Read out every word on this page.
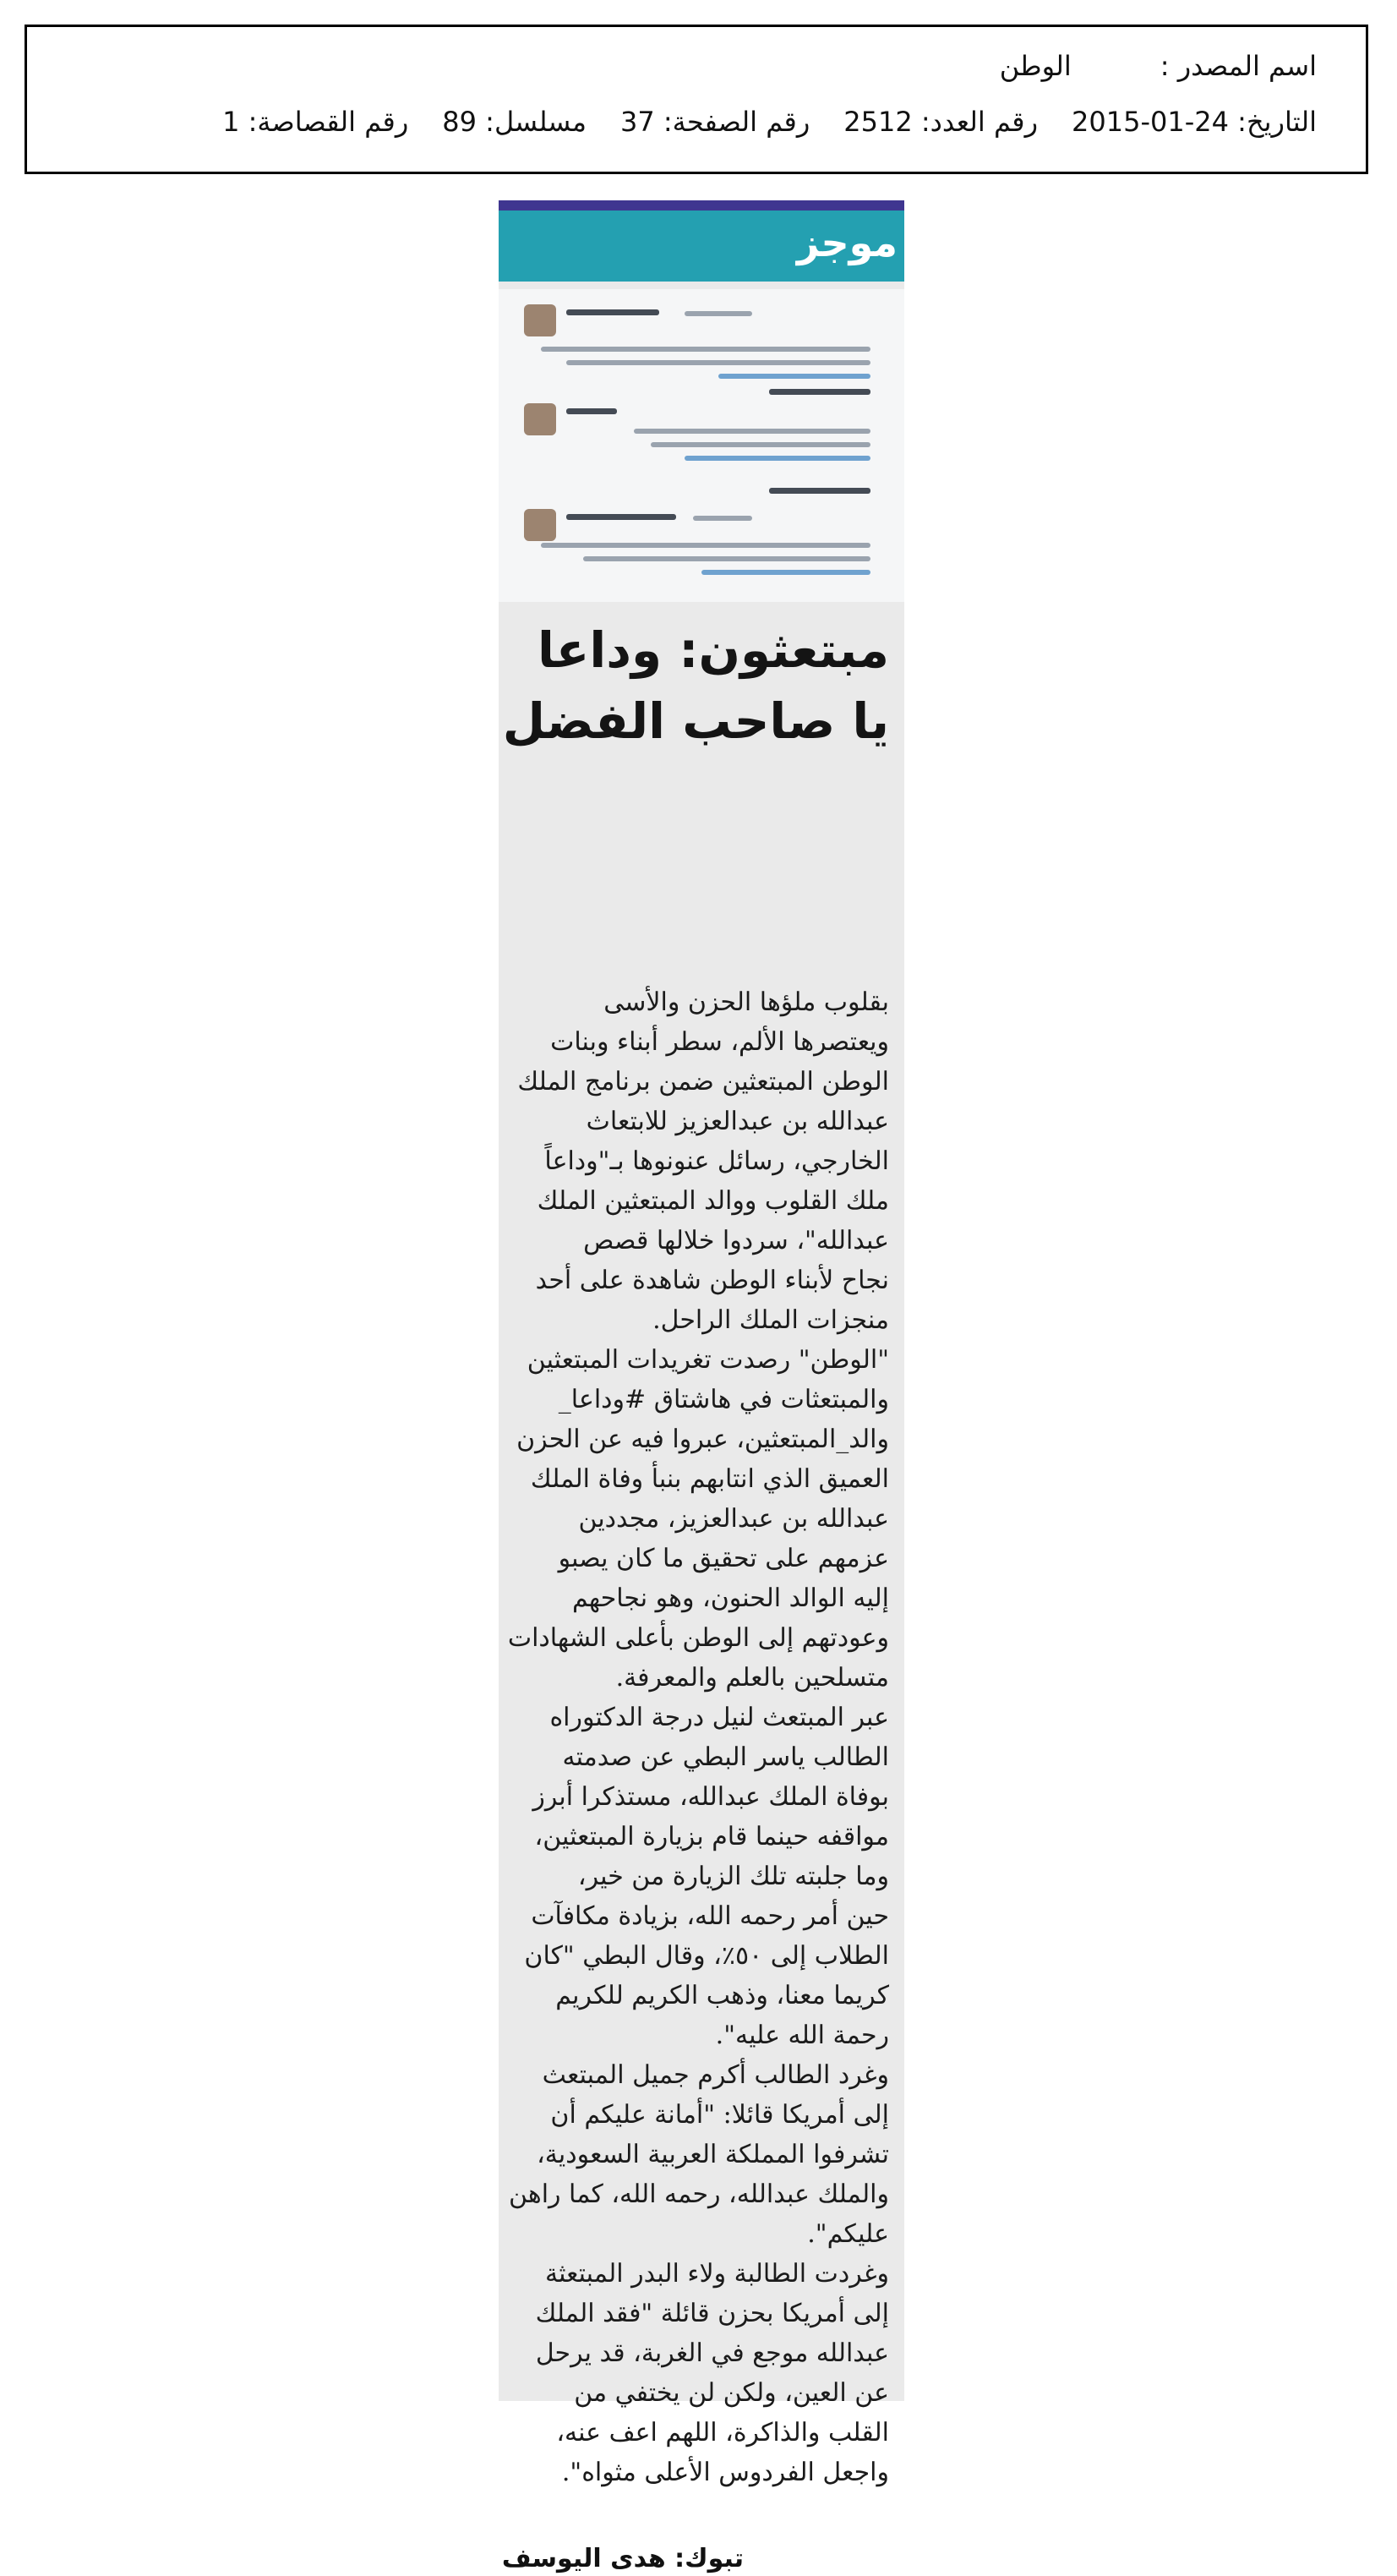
اسم المصدر :الوطن
التاريخ: 24-01-2015رقم العدد: 2512رقم الصفحة: 37مسلسل: 89رقم القصاصة: 1
موجز
مبتعثون: وداعا
يا صاحب الفضل
بقلوب ملؤها الحزن والأسى
ويعتصرها الألم، سطر أبناء وبنات
الوطن المبتعثين ضمن برنامج الملك
عبدالله بن عبدالعزيز للابتعاث
الخارجي، رسائل عنونوها بـ"وداعاً
ملك القلوب ووالد المبتعثين الملك
عبدالله"، سردوا خلالها قصص
نجاح لأبناء الوطن شاهدة على أحد
منجزات الملك الراحل.
"الوطن" رصدت تغريدات المبتعثين
والمبتعثات في هاشتاق #وداعا_
والد_المبتعثين، عبروا فيه عن الحزن
العميق الذي انتابهم بنبأ وفاة الملك
عبدالله بن عبدالعزيز، مجددين
عزمهم على تحقيق ما كان يصبو
إليه الوالد الحنون، وهو نجاحهم
وعودتهم إلى الوطن بأعلى الشهادات
متسلحين بالعلم والمعرفة.
عبر المبتعث لنيل درجة الدكتوراه
الطالب ياسر البطي عن صدمته
بوفاة الملك عبدالله، مستذكرا أبرز
مواقفه حينما قام بزيارة المبتعثين،
وما جلبته تلك الزيارة من خير،
حين أمر رحمه الله، بزيادة مكافآت
الطلاب إلى ٥٠٪، وقال البطي "كان
كريما معنا، وذهب الكريم للكريم
رحمة الله عليه".
وغرد الطالب أكرم جميل المبتعث
إلى أمريكا قائلا: "أمانة عليكم أن
تشرفوا المملكة العربية السعودية،
والملك عبدالله، رحمه الله، كما راهن
عليكم".
وغردت الطالبة ولاء البدر المبتعثة
إلى أمريكا بحزن قائلة "فقد الملك
عبدالله موجع في الغربة، قد يرحل
عن العين، ولكن لن يختفي من
القلب والذاكرة، اللهم اعف عنه،
واجعل الفردوس الأعلى مثواه".
تبوك: هدى اليوسف
